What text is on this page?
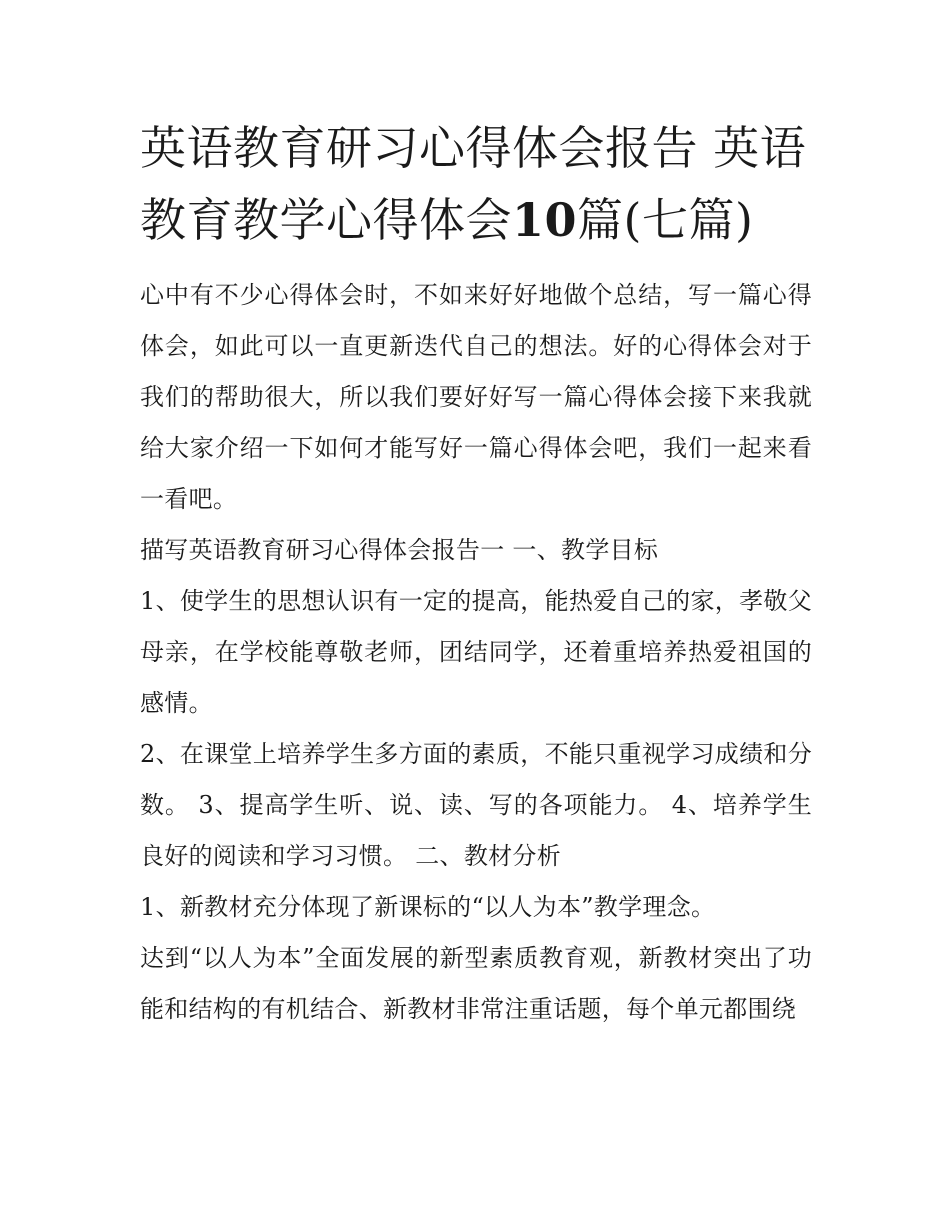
英语教育研习心得体会报告 英语教育教学心得体会10篇(七篇)

心中有不少心得体会时，不如来好好地做个总结，写一篇心得体会，如此可以一直更新迭代自己的想法。好的心得体会对于我们的帮助很大，所以我们要好好写一篇心得体会接下来我就给大家介绍一下如何才能写好一篇心得体会吧，我们一起来看一看吧。

描写英语教育研习心得体会报告一 一、教学目标

1、使学生的思想认识有一定的提高，能热爱自己的家，孝敬父母亲，在学校能尊敬老师，团结同学，还着重培养热爱祖国的感情。

2、在课堂上培养学生多方面的素质，不能只重视学习成绩和分数。 3、提高学生听、说、读、写的各项能力。 4、培养学生良好的阅读和学习习惯。 二、教材分析

1、新教材充分体现了新课标的“以人为本”教学理念。

达到“以人为本”全面发展的新型素质教育观，新教材突出了功能和结构的有机结合、新教材非常注重话题，每个单元都围绕
